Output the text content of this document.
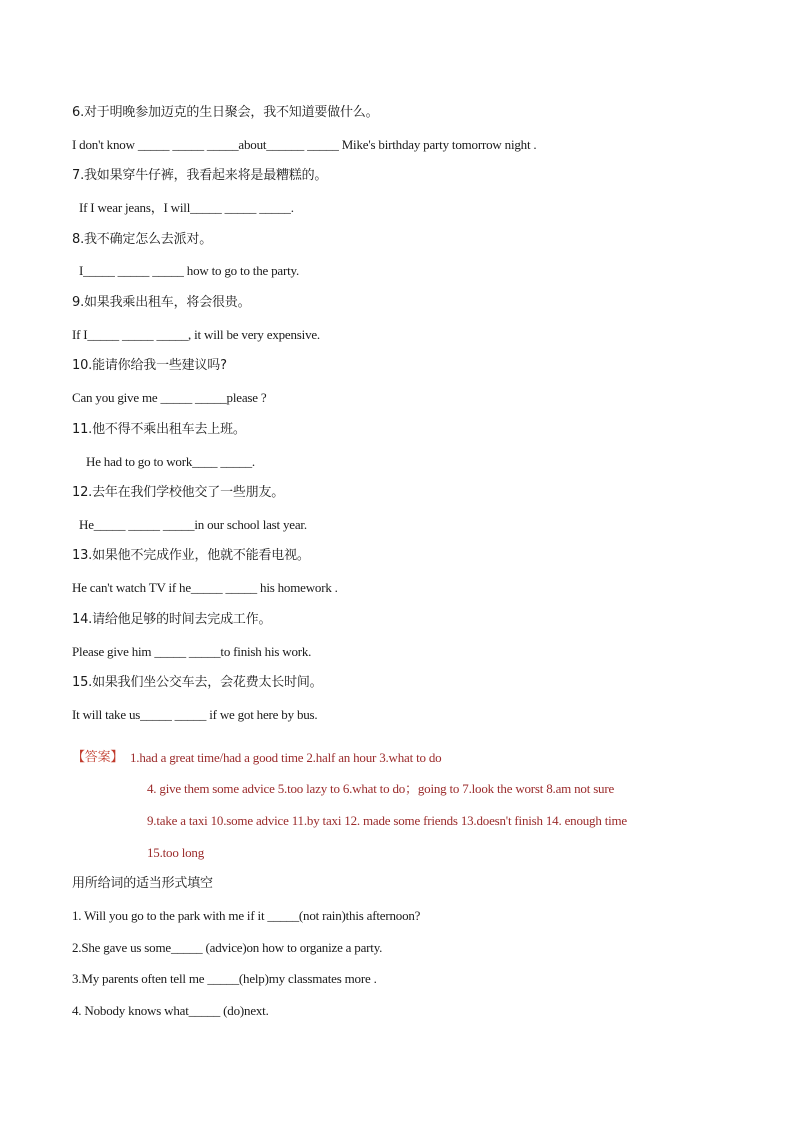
6.对于明晚参加迈克的生日聚会，我不知道要做什么。
I don't know _____ _____ _____about______ _____ Mike's birthday party tomorrow night .
7.我如果穿牛仔裤，我看起来将是最糟糕的。
If I wear jeans，I will_____ _____ _____.
8.我不确定怎么去派对。
I_____ _____ _____ how to go to the party.
9.如果我乘出租车，将会很贵。
If I_____ _____ _____, it will be very expensive.
10.能请你给我一些建议吗?
Can you give me _____ _____please ?
11.他不得不乘出租车去上班。
He had to go to work____ _____.
12.去年在我们学校他交了一些朋友。
He_____ _____ _____in our school last year.
13.如果他不完成作业，他就不能看电视。
He can't watch TV if he_____ _____ his homework .
14.请给他足够的时间去完成工作。
Please give him _____ _____to finish his work.
15.如果我们坐公交车去，会花费太长时间。
It will take us_____ _____ if we got here by bus.
【答案】 1.had a great time/had a good time 2.half an hour 3.what to do
4. give them some advice 5.too lazy to 6.what to do；going to 7.look the worst 8.am not sure
9.take a taxi 10.some advice 11.by taxi 12. made some friends 13.doesn't finish 14. enough time
15.too long
用所给词的适当形式填空
1. Will you go to the park with me if it _____(not rain)this afternoon?
2.She gave us some_____ (advice)on how to organize a party.
3.My parents often tell me _____(help)my classmates more .
4. Nobody knows what_____ (do)next.
